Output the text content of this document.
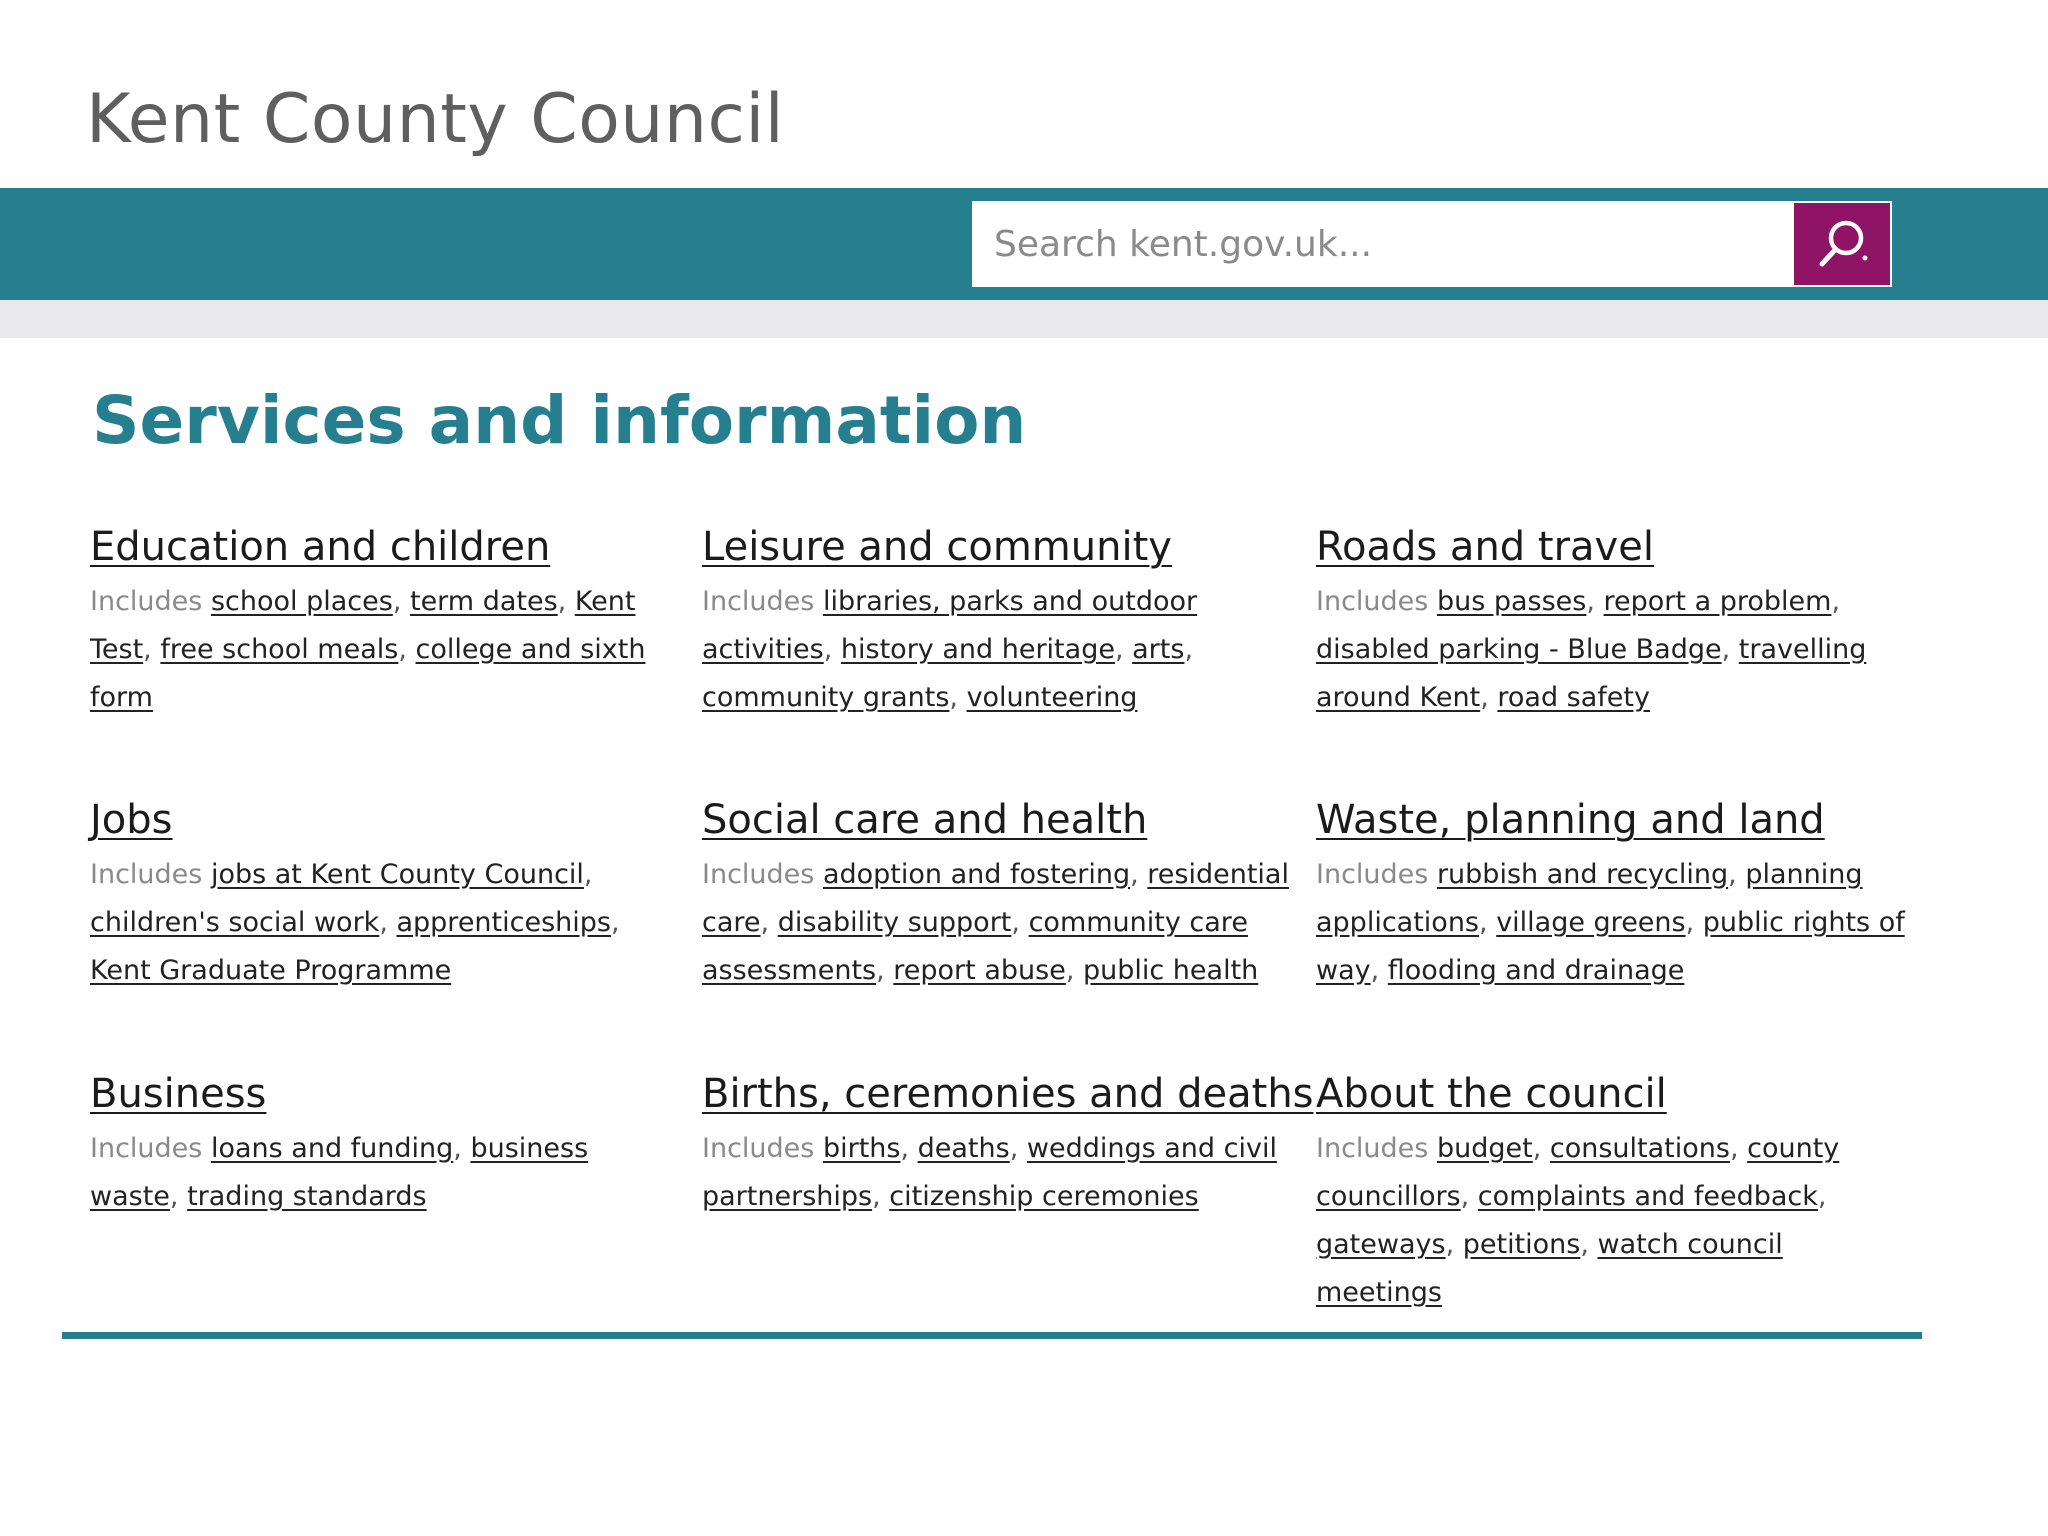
Kent County Council
Search kent.gov.uk...
Services and information
Education and children
Includes school places, term dates, Kent Test, free school meals, college and sixth form
Leisure and community
Includes libraries, parks and outdoor activities, history and heritage, arts, community grants, volunteering
Roads and travel
Includes bus passes, report a problem, disabled parking - Blue Badge, travelling around Kent, road safety
Jobs
Includes jobs at Kent County Council, children's social work, apprenticeships, Kent Graduate Programme
Social care and health
Includes adoption and fostering, residential care, disability support, community care assessments, report abuse, public health
Waste, planning and land
Includes rubbish and recycling, planning applications, village greens, public rights of way, flooding and drainage
Business
Includes loans and funding, business waste, trading standards
Births, ceremonies and deaths
Includes births, deaths, weddings and civil partnerships, citizenship ceremonies
About the council
Includes budget, consultations, county councillors, complaints and feedback, gateways, petitions, watch council meetings
